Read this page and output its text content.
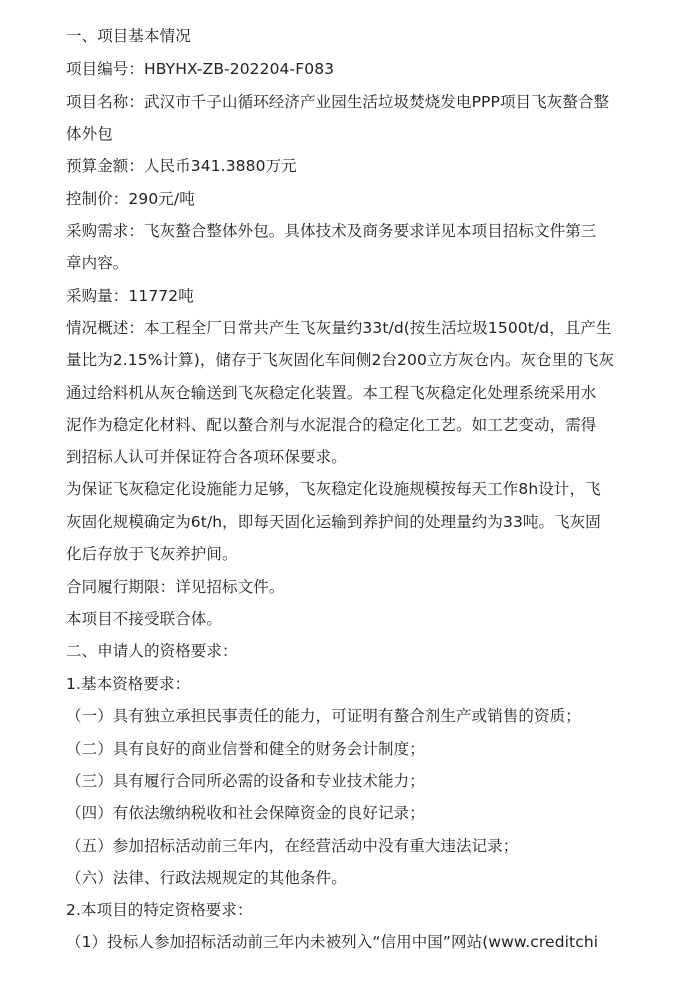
一、项目基本情况
项目编号：HBYHX-ZB-202204-F083
项目名称：武汉市千子山循环经济产业园生活垃圾焚烧发电PPP项目飞灰螯合整
体外包
预算金额：人民币341.3880万元
控制价：290元/吨
采购需求：飞灰螯合整体外包。具体技术及商务要求详见本项目招标文件第三
章内容。
采购量：11772吨
情况概述：本工程全厂日常共产生飞灰量约33t/d(按生活垃圾1500t/d，且产生
量比为2.15%计算)，储存于飞灰固化车间侧2台200立方灰仓内。灰仓里的飞灰
通过给料机从灰仓输送到飞灰稳定化装置。本工程飞灰稳定化处理系统采用水
泥作为稳定化材料、配以螯合剂与水泥混合的稳定化工艺。如工艺变动，需得
到招标人认可并保证符合各项环保要求。
为保证飞灰稳定化设施能力足够，飞灰稳定化设施规模按每天工作8h设计，飞
灰固化规模确定为6t/h，即每天固化运输到养护间的处理量约为33吨。飞灰固
化后存放于飞灰养护间。
合同履行期限：详见招标文件。
本项目不接受联合体。
二、申请人的资格要求：
1.基本资格要求：
（一）具有独立承担民事责任的能力，可证明有螯合剂生产或销售的资质；
（二）具有良好的商业信誉和健全的财务会计制度；
（三）具有履行合同所必需的设备和专业技术能力；
（四）有依法缴纳税收和社会保障资金的良好记录；
（五）参加招标活动前三年内，在经营活动中没有重大违法记录；
（六）法律、行政法规规定的其他条件。
2.本项目的特定资格要求：
（1）投标人参加招标活动前三年内未被列入“信用中国”网站(www.creditchi
